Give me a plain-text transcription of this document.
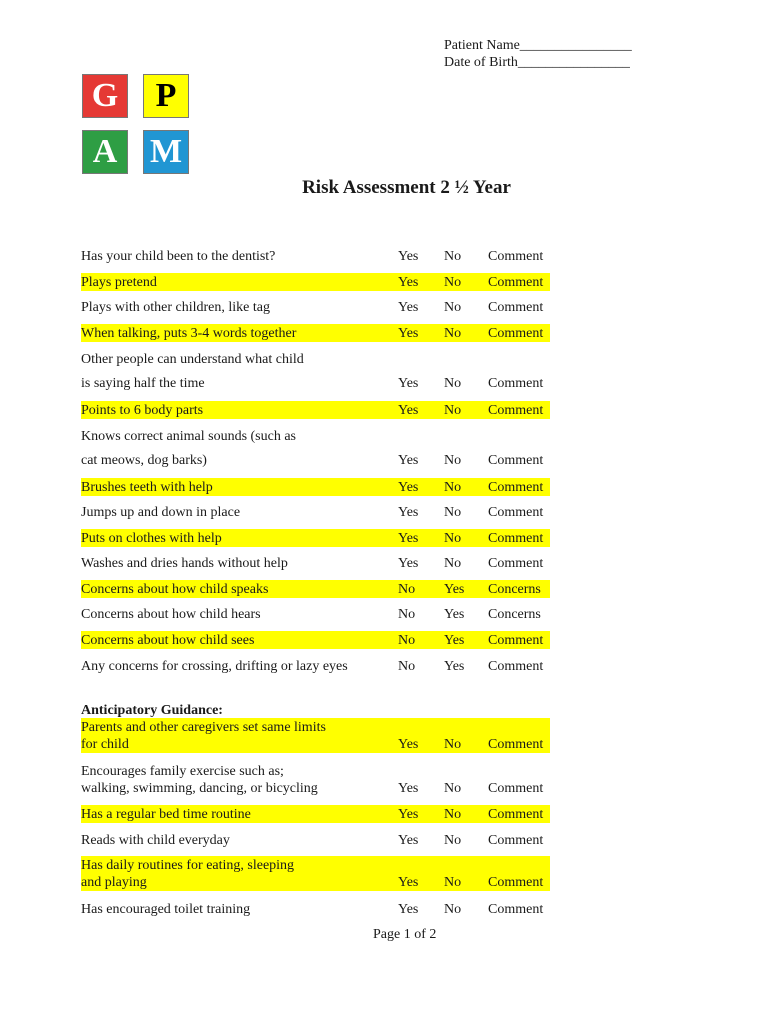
Patient Name________________
Date of Birth________________
G	P
A M
Risk Assessment 2 ½ Year
Has your child been to the dentist?	Yes No Comment
Plays pretend	Yes No Comment
Plays with other children, like tag	Yes No Comment
When talking, puts 3-4 words together	Yes No Comment
Other people can understand what child
is saying half the time	Yes No Comment
Points to 6 body parts	Yes No Comment
Knows correct animal sounds (such as
cat meows, dog barks)	Yes No Comment
Brushes teeth with help	Yes No Comment
Jumps up and down in place	Yes No Comment
Puts on clothes with help	Yes No Comment
Washes and dries hands without help	Yes No Comment
Concerns about how child speaks	No Yes Concerns
Concerns about how child hears	No Yes Concerns
Concerns about how child sees	No Yes Comment
Any concerns for crossing, drifting or lazy eyes	No Yes Comment
Anticipatory Guidance:
Parents and other caregivers set same limits
for child	Yes No Comment
Encourages family exercise such as;
walking, swimming, dancing, or bicycling	Yes No Comment
Has a regular bed time routine	Yes No Comment
Reads with child everyday	Yes No Comment
Has daily routines for eating, sleeping
and playing	Yes No Comment
Has encouraged toilet training	Yes No Comment
Page 1 of 2
